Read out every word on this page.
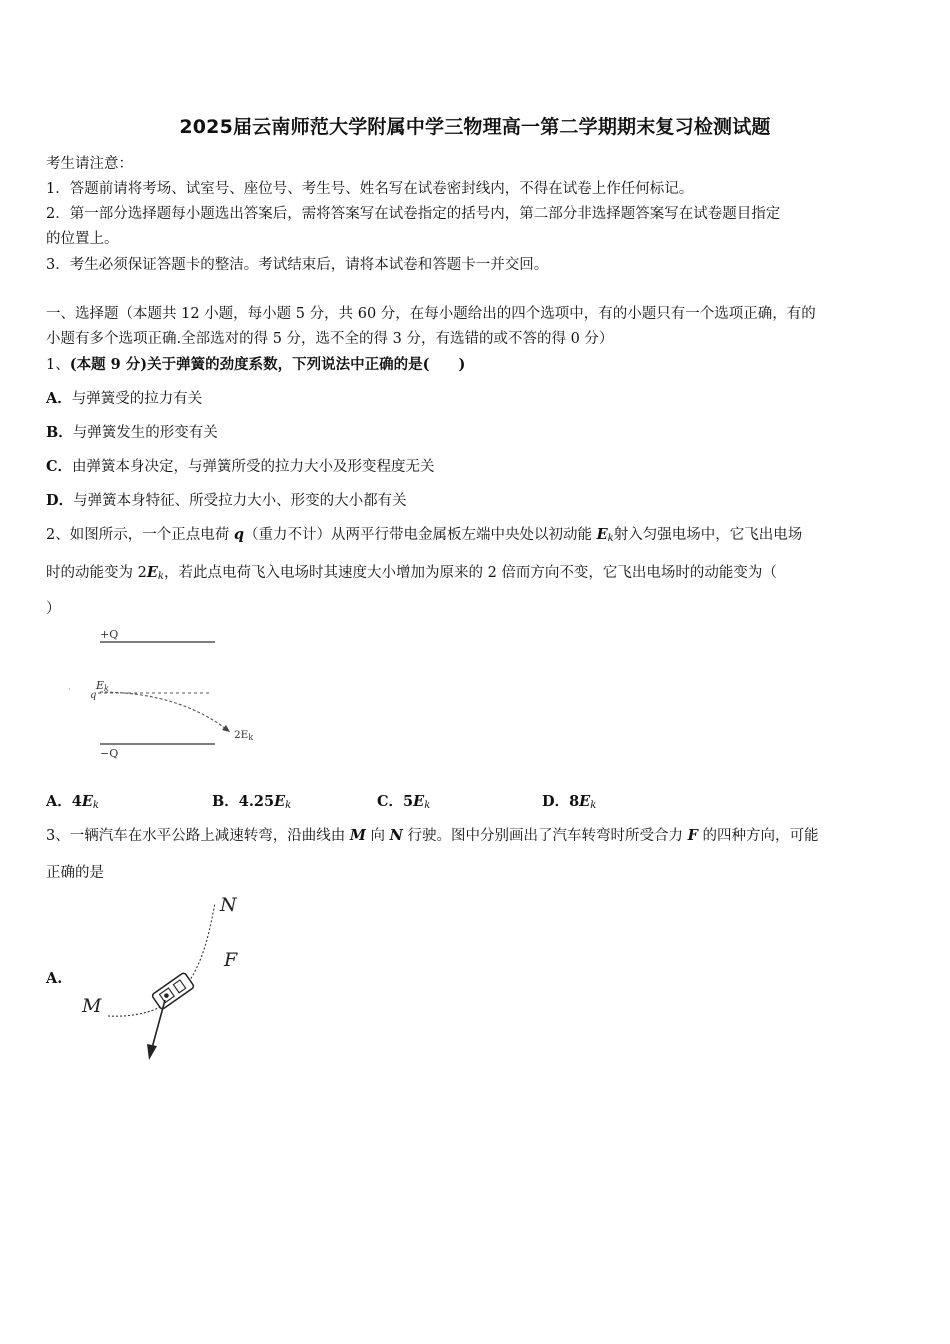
2025届云南师范大学附属中学三物理高一第二学期期末复习检测试题
考生请注意：
1．答题前请将考场、试室号、座位号、考生号、姓名写在试卷密封线内，不得在试卷上作任何标记。
2．第一部分选择题每小题选出答案后，需将答案写在试卷指定的括号内，第二部分非选择题答案写在试卷题目指定
的位置上。
3．考生必须保证答题卡的整洁。考试结束后，请将本试卷和答题卡一并交回。
一、选择题（本题共 12 小题，每小题 5 分，共 60 分，在每小题给出的四个选项中，有的小题只有一个选项正确，有的
小题有多个选项正确.全部选对的得 5 分，选不全的得 3 分，有选错的或不答的得 0 分）
1、(本题 9 分)关于弹簧的劲度系数，下列说法中正确的是(　　)
A．与弹簧受的拉力有关
B．与弹簧发生的形变有关
C．由弹簧本身决定，与弹簧所受的拉力大小及形变程度无关
D．与弹簧本身特征、所受拉力大小、形变的大小都有关
2、如图所示，一个正点电荷 q（重力不计）从两平行带电金属板左端中央处以初动能 $E_k$射入匀强电场中，它飞出电场
时的动能变为 $2E_k$，若此点电荷飞入电场时其速度大小增加为原来的 2 倍而方向不变，它飞出电场时的动能变为（
）
+Q
Ek
q
·
2Ek
−Q
A．$4E_k$	B．$4.25E_k$	C．$5E_k$	D．$8E_k$
3、一辆汽车在水平公路上减速转弯，沿曲线由 M 向 N 行驶。图中分别画出了汽车转弯时所受合力 F 的四种方向，可能
正确的是
A.
N
F
M
